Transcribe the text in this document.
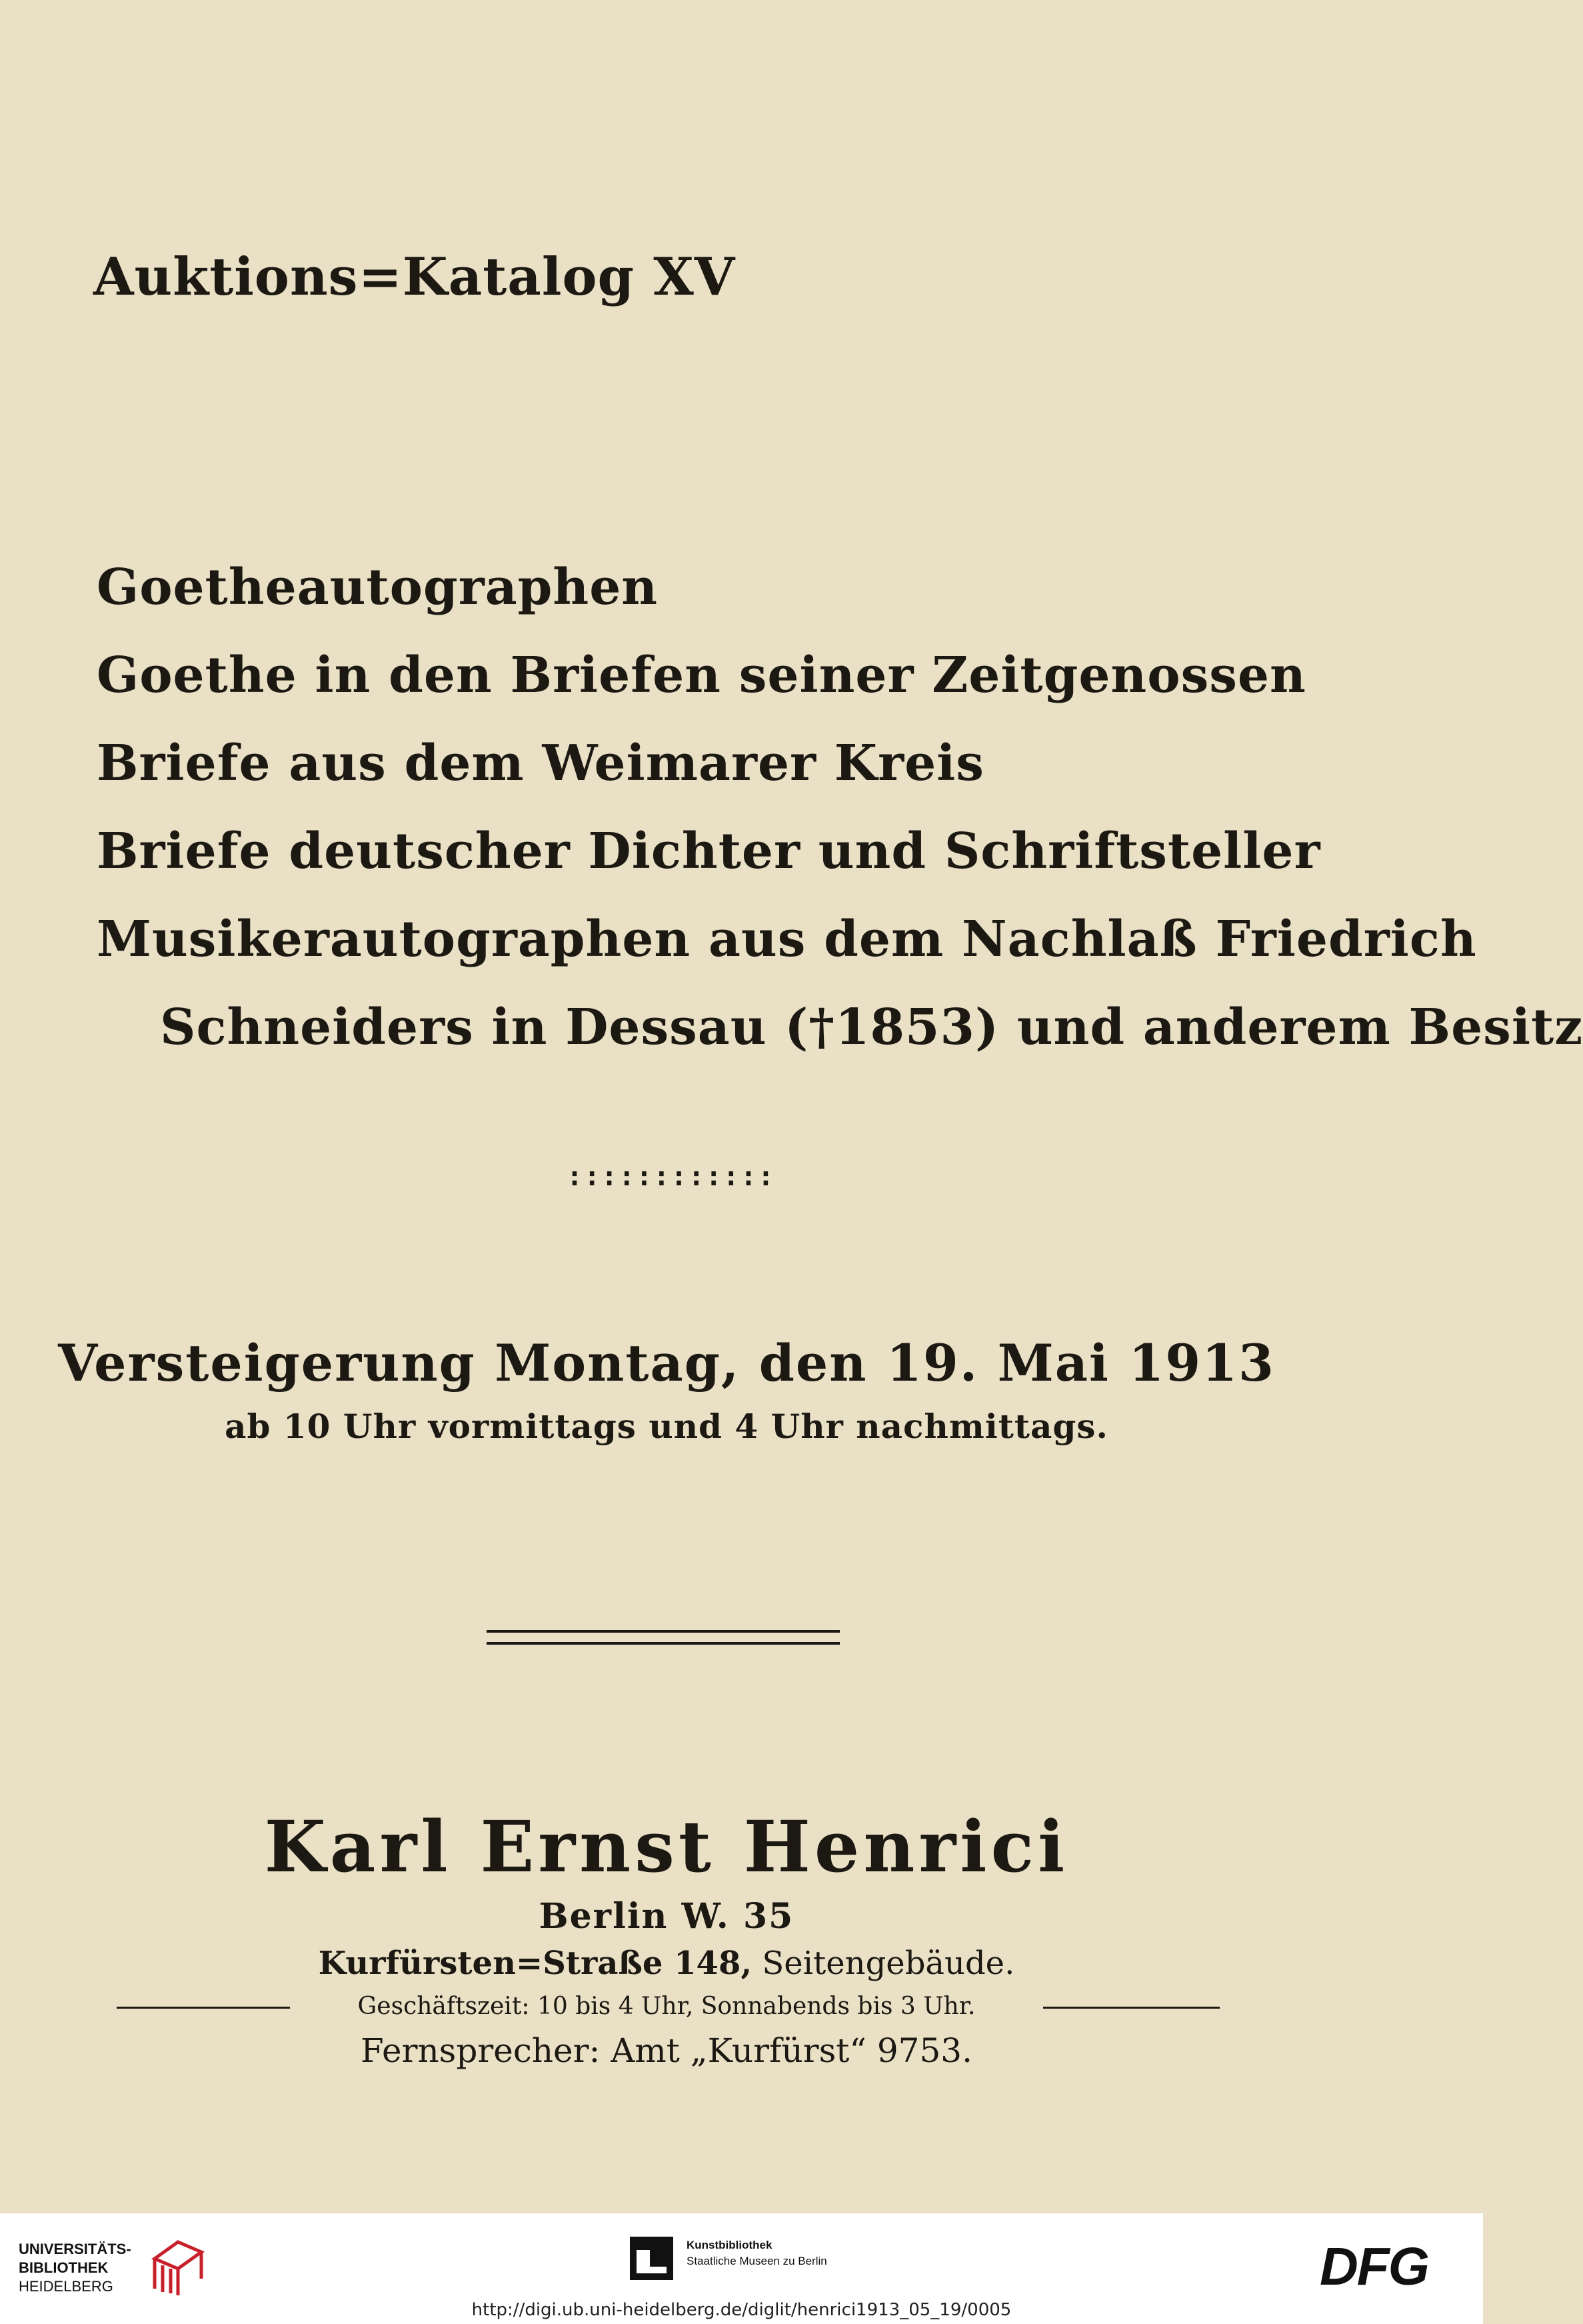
Auktions=Katalog XV
Goetheautographen
Goethe in den Briefen seiner Zeitgenossen
Briefe aus dem Weimarer Kreis
Briefe deutscher Dichter und Schriftsteller
Musikerautographen aus dem Nachlaß Friedrich
Schneiders in Dessau (†1853) und anderem Besitz
::::::::::::
Versteigerung Montag, den 19. Mai 1913
ab 10 Uhr vormittags und 4 Uhr nachmittags.
Karl Ernst Henrici
Berlin W. 35
Kurfürsten=Straße 148, Seitengebäude.
Geschäftszeit: 10 bis 4 Uhr, Sonnabends bis 3 Uhr.
Fernsprecher: Amt „Kurfürst“ 9753.
UNIVERSITÄTS-
BIBLIOTHEK
HEIDELBERG
Kunstbibliothek
Staatliche Museen zu Berlin	DFG
http://digi.ub.uni-heidelberg.de/diglit/henrici1913_05_19/0005
